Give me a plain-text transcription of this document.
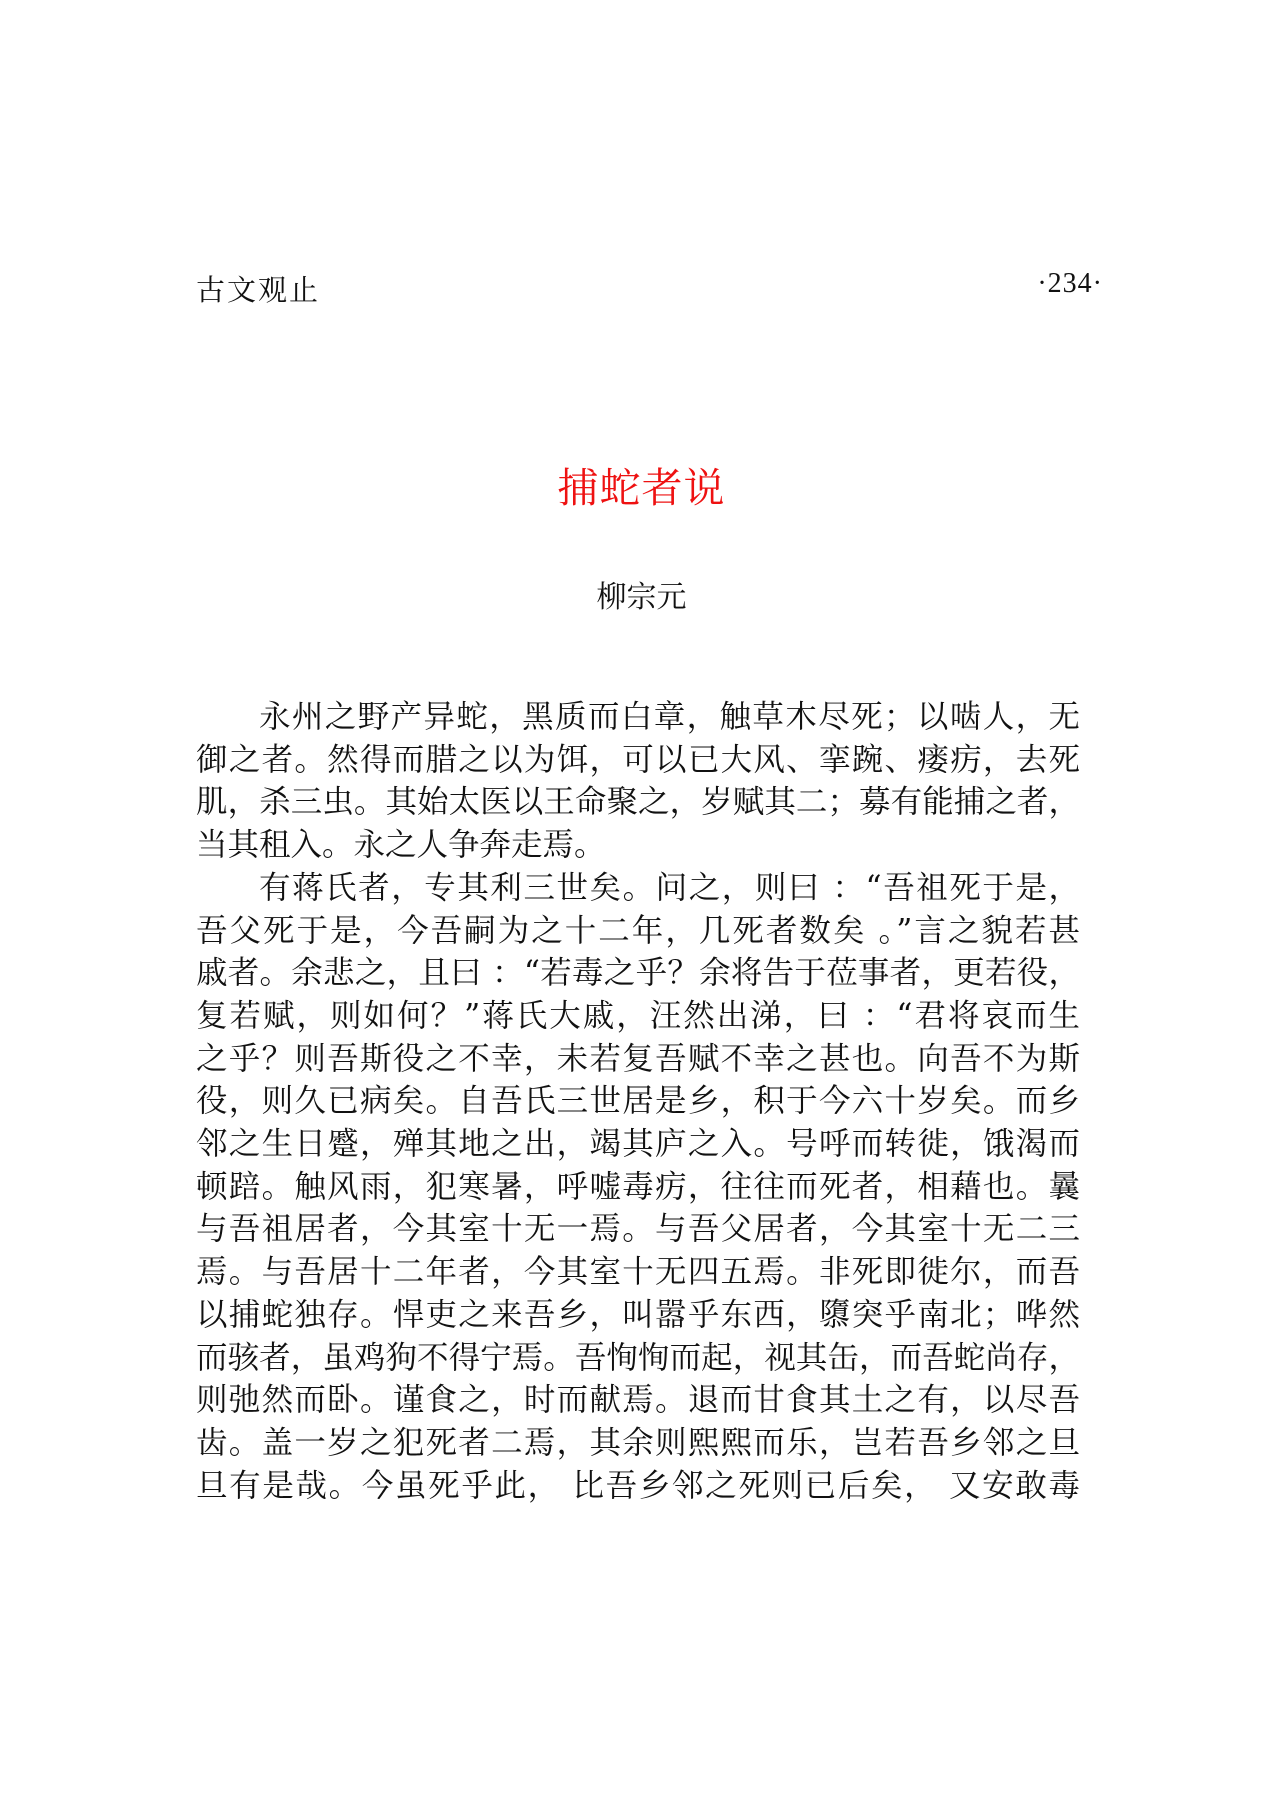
古文观止	·234·
捕蛇者说
柳宗元
永州之野产异蛇，黑质而白章，触草木尽死；以啮人，无
御之者。然得而腊之以为饵，可以已大风、挛踠、瘘疠，去死
肌，杀三虫。其始太医以王命聚之，岁赋其二；募有能捕之者，
当其租入。永之人争奔走焉。
有蒋氏者，专其利三世矣。问之，则曰 ：“吾祖死于是，
吾父死于是，今吾嗣为之十二年，几死者数矣 。”言之貌若甚
戚者。余悲之，且曰 ：“若毒之乎？余将告于莅事者，更若役，
复若赋，则如何？”蒋氏大戚，汪然出涕，曰 ：“君将哀而生
之乎？则吾斯役之不幸，未若复吾赋不幸之甚也。向吾不为斯
役，则久已病矣。自吾氏三世居是乡，积于今六十岁矣。而乡
邻之生日蹙，殚其地之出，竭其庐之入。号呼而转徙，饿渴而
顿踣。触风雨，犯寒暑，呼嘘毒疠，往往而死者，相藉也。曩
与吾祖居者，今其室十无一焉。与吾父居者，今其室十无二三
焉。与吾居十二年者，今其室十无四五焉。非死即徙尔，而吾
以捕蛇独存。悍吏之来吾乡，叫嚣乎东西，隳突乎南北；哗然
而骇者，虽鸡狗不得宁焉。吾恂恂而起，视其缶，而吾蛇尚存，
则弛然而卧。谨食之，时而献焉。退而甘食其土之有，以尽吾
齿。盖一岁之犯死者二焉，其余则熙熙而乐，岂若吾乡邻之旦
旦有是哉。今虽死乎此， 比吾乡邻之死则已后矣， 又安敢毒
